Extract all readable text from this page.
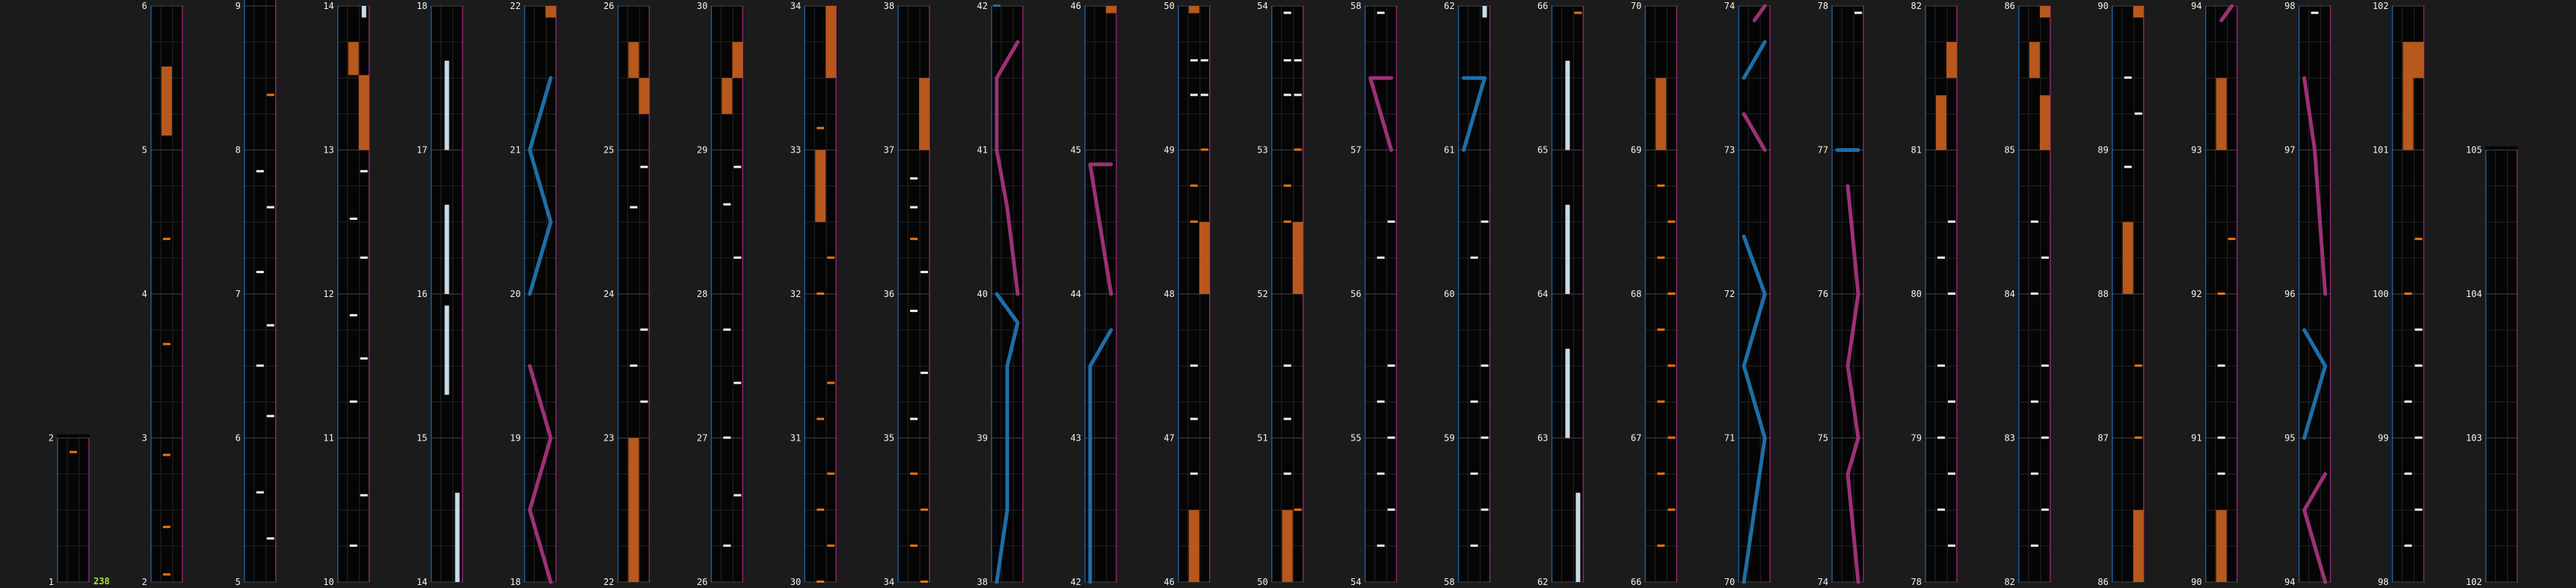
1
2
2
3
4
5
6
5
6
7
8
9
10
11
12
13
14
14
15
16
17
18
18
19
20
21
22
22
23
24
25
26
26
27
28
29
30
30
31
32
33
34
34
35
36
37
38
38
39
40
41
42
42
43
44
45
46
46
47
48
49
50
50
51
52
53
54
54
55
56
57
58
58
59
60
61
62
62
63
64
65
66
66
67
68
69
70
70
71
72
73
74
74
75
76
77
78
78
79
80
81
82
82
83
84
85
86
86
87
88
89
90
90
91
92
93
94
94
95
96
97
98
98
99
100
101
102
102
103
104
105
238
